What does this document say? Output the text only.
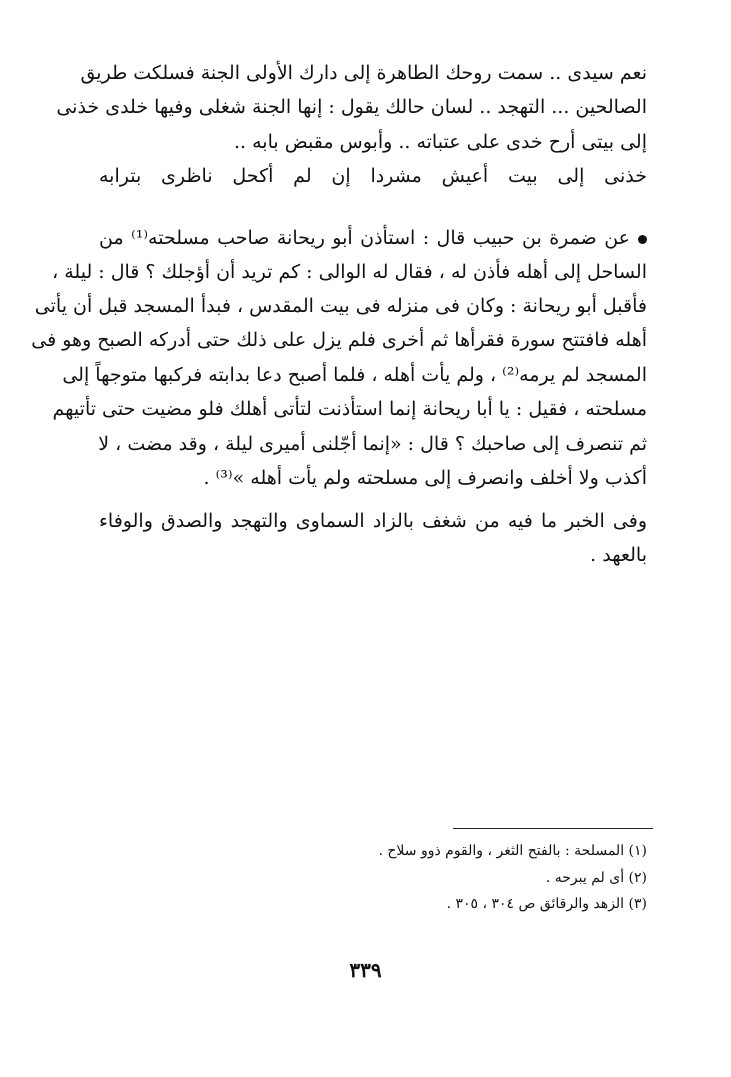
نعم سيدى .. سمت روحك الطاهرة إلى دارك الأولى الجنة فسلكت طريق
الصالحين ... التهجد .. لسان حالك يقول : إنها الجنة شغلى وفيها خلدى خذنى
إلى بيتى أرح خدى على عتباته .. وأبوس مقبض بابه ..
خذنى إلى بيت أعيش مشردا إن لم أكحل ناظرى بترابه
عن ضمرة بن حبيب قال : استأذن أبو ريحانة صاحب مسلحته⁽¹⁾ من
الساحل إلى أهله فأذن له ، فقال له الوالى : كم تريد أن أؤجلك ؟ قال : ليلة ،
فأقبل أبو ريحانة : وكان فى منزله فى بيت المقدس ، فبدأ المسجد قبل أن يأتى
أهله فافتتح سورة فقرأها ثم أخرى فلم يزل على ذلك حتى أدركه الصبح وهو فى
المسجد لم يرمه⁽²⁾ ، ولم يأت أهله ، فلما أصبح دعا بدابته فركبها متوجهاً إلى
مسلحته ، فقيل : يا أبا ريحانة إنما استأذنت لتأتى أهلك فلو مضيت حتى تأتيهم
ثم تنصرف إلى صاحبك ؟ قال : «إنما أجّلنى أميرى ليلة ، وقد مضت ، لا
أكذب ولا أخلف وانصرف إلى مسلحته ولم يأت أهله »⁽³⁾ .
وفى الخبر ما فيه من شغف بالزاد السماوى والتهجد والصدق والوفاء
بالعهد .
(١) المسلحة : بالفتح الثغر ، والقوم ذوو سلاح .
(٢) أى لم يبرحه .
(٣) الزهد والرقائق ص ٣٠٤ ، ٣٠٥ .
٣٣٩
